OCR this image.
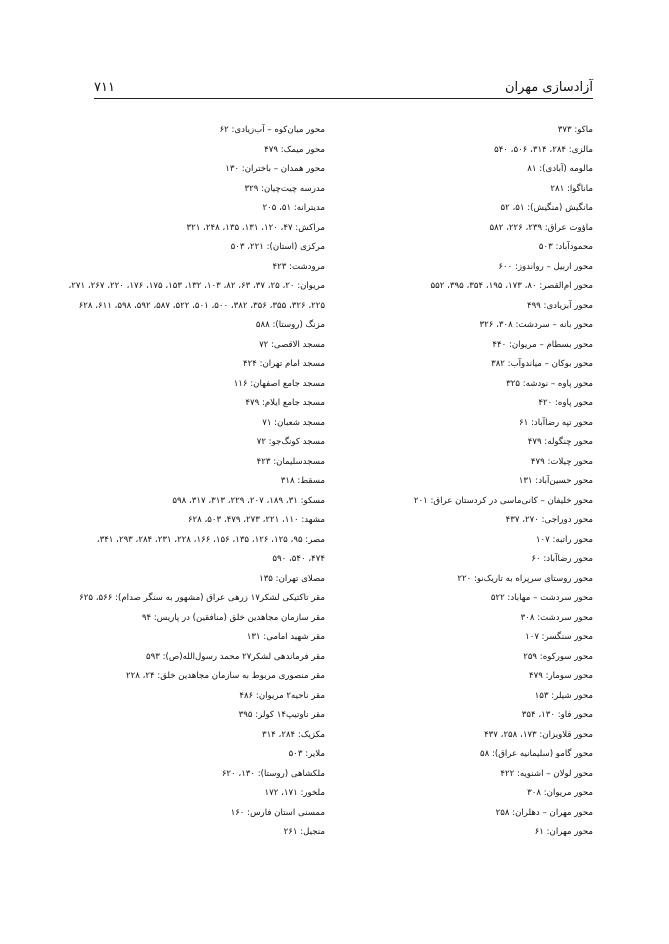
آزادسازی مهران
۷۱۱
ماکو: ۳۷۳
مالزی: ۲۸۴، ۳۱۴، ۵۰۶، ۵۴۰
مالومه (آبادی): ۸۱
ماناگوا: ۲۸۱
مانگیش (منگیش): ۵۱، ۵۲
ماؤوت عراق: ۲۳۹، ۲۲۶، ۵۸۲
محمودآباد: ۵۰۳
محور اربیل – رواندوز: ۶۰۰
محور ام‌القصر: ۸۰، ۱۷۳، ۱۹۵، ۳۵۴، ۳۹۵، ۵۵۲
محور آبزیادی: ۴۹۹
محور بانه – سردشت: ۳۰۸، ۳۲۶
محور بسطام – مریوان: ۴۴۰
محور بوکان – میاندوآب: ۳۸۲
محور پاوه – نودشه: ۳۲۵
محور پاوه: ۴۲۰
محور تپه رضاآباد: ۶۱
محور چنگوله: ۴۷۹
محور چیلات: ۴۷۹
محور حسین‌آباد: ۱۳۱
محور خلیفان – کانی‌ماسی در کردستان عراق: ۲۰۱
محور دوراجی: ۲۷۰، ۴۳۷
محور راتبه: ۱۰۷
محور رضاآباد: ۶۰
محور روستای سرپراه به تاریک‌نو: ۲۲۰
محور سردشت – مهاباد: ۵۲۲
محور سردشت: ۳۰۸
محور سنگسر: ۱۰۷
محور سورکوه: ۲۵۹
محور سومار: ۴۷۹
محور شیلر: ۱۵۳
محور فاو: ۱۳۰، ۳۵۴
محور قلاویزان: ۱۷۳، ۲۵۸، ۴۳۷
محور گامو (سلیمانیه عراق): ۵۸
محور لولان – اشنویه: ۴۲۲
محور مریوان: ۳۰۸
محور مهران – دهلران: ۲۵۸
محور مهران: ۶۱
محور میان‌کوه – آب‌زیادی: ۶۲
محور میمک: ۴۷۹
محور همدان – باختران: ۱۳۰
مدرسه چیت‌چیان: ۳۲۹
مدیترانه: ۵۱، ۲۰۵
مراکش: ۴۷، ۱۲۰، ۱۳۱، ۱۳۵، ۲۴۸، ۳۲۱
مرکزی (استان): ۲۲۱، ۵۰۳
مرودشت: ۴۲۳
مریوان: ۲۰، ۲۵، ۳۷، ۶۳، ۸۲، ۱۰۳، ۱۳۲، ۱۵۳، ۱۷۵، ۱۷۶، ۲۲۰، ۲۶۷، ۲۷۱،
۲۲۵، ۳۲۶، ۳۵۵، ۳۵۶، ۳۸۲، ۵۰۰، ۵۰۱، ۵۲۲، ۵۸۷، ۵۹۲، ۵۹۸، ۶۱۱، ۶۲۸
مزنگ (روستا): ۵۸۸
مسجد الاقصی: ۷۲
مسجد امام تهران: ۴۲۴
مسجد جامع اصفهان: ۱۱۶
مسجد جامع ایلام: ۴۷۹
مسجد شعبان: ۷۱
مسجد کونگ‌جو: ۷۲
مسجدسلیمان: ۴۲۳
مسقط: ۳۱۸
مسکو: ۳۱، ۱۸۹، ۲۰۷، ۲۲۹، ۳۱۳، ۳۱۷، ۵۹۸
مشهد: ۱۱۰، ۲۲۱، ۲۷۳، ۴۷۹، ۵۰۳، ۶۲۸
مصر: ۹۵، ۱۲۵، ۱۲۶، ۱۳۵، ۱۵۶، ۱۶۶، ۲۲۸، ۲۳۱، ۲۸۴، ۲۹۳، ۳۴۱،
۴۷۴، ۵۴۰، ۵۹۰
مصلای تهران: ۱۳۵
مقر تاکتیکی لشکر۱۷ زرهی عراق (مشهور به سنگر صدام): ۵۶۶، ۶۲۵
مقر سازمان مجاهدین خلق (منافقین) در پاریس: ۹۴
مقر شهید امامی: ۱۳۱
مقر فرماندهی لشکر۲۷ محمد رسول‌الله(ص): ۵۹۳
مقر منصوری مربوط به سازمان مجاهدین خلق: ۲۴، ۲۲۸
مقر ناحیه۲ مریوان: ۴۸۶
مقر ناوتیپ۱۴ کولر: ۳۹۵
مکزیک: ۲۸۴، ۳۱۴
ملایر: ۵۰۳
ملکشاهی (روستا): ۱۳۰، ۶۲۰
ملخور: ۱۷۱، ۱۷۲
ممسنی استان فارس: ۱۶۰
منجیل: ۲۶۱
